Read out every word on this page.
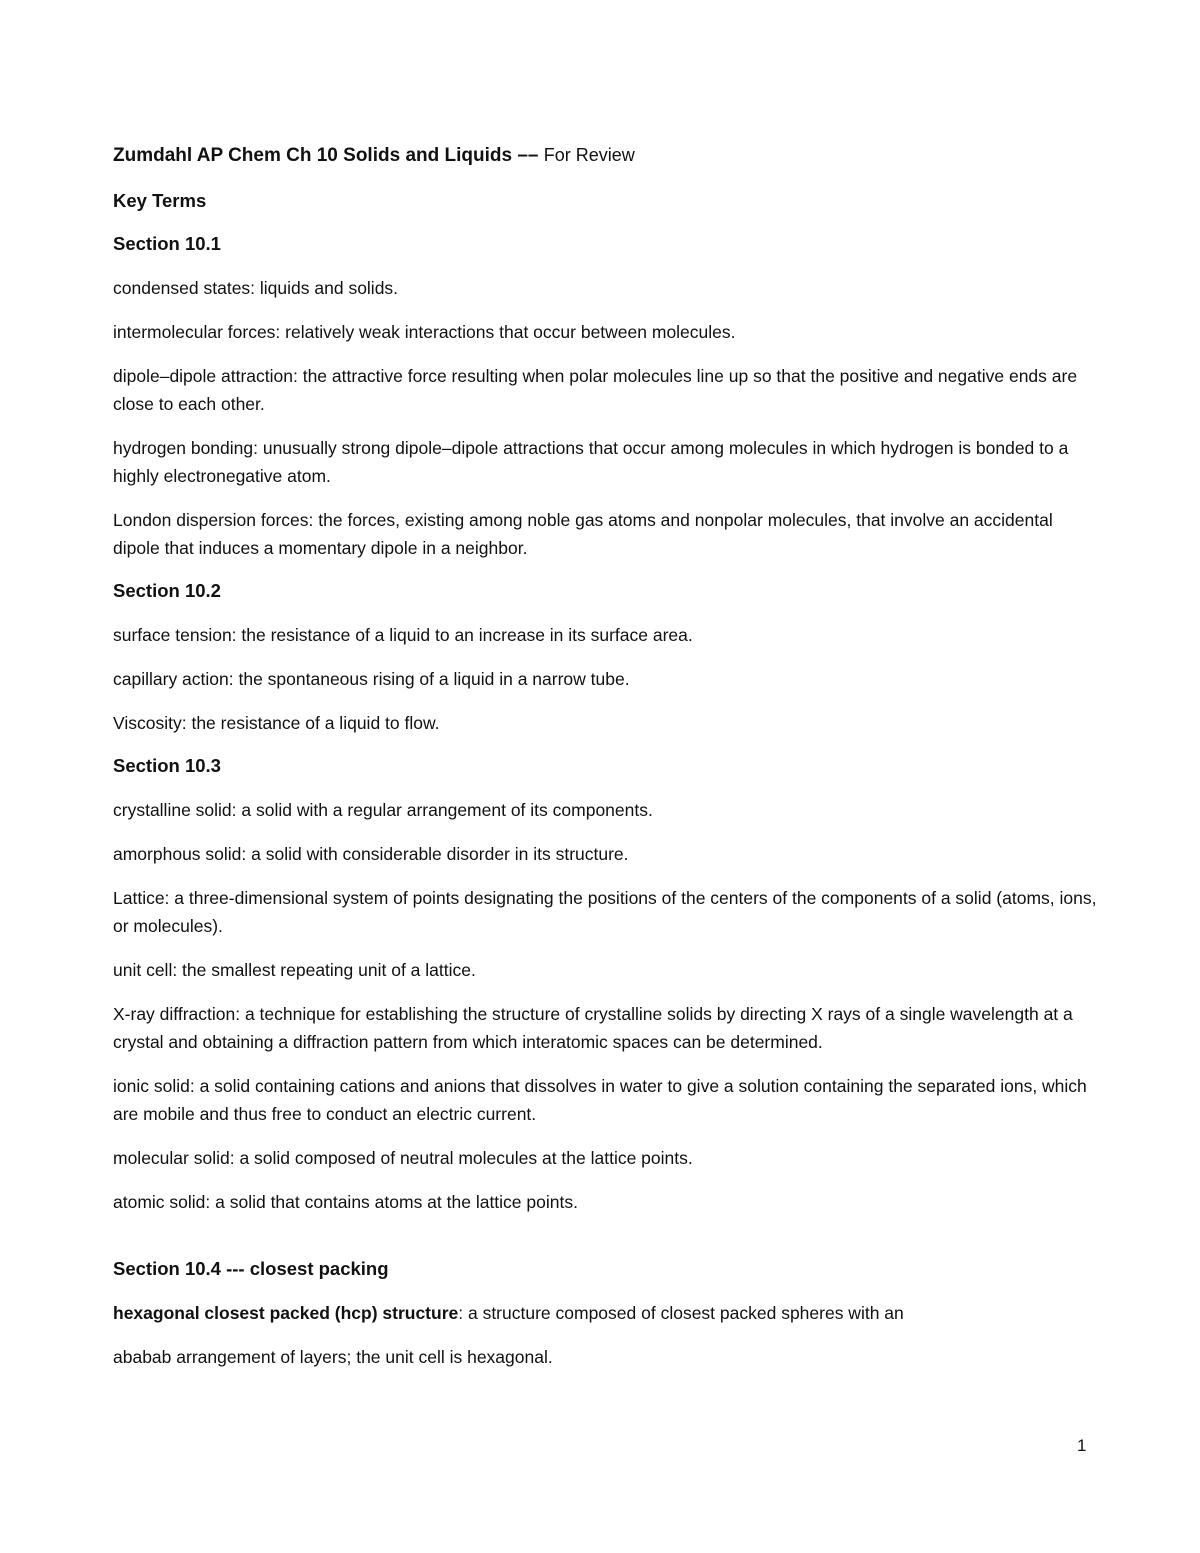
Zumdahl AP Chem Ch 10 Solids and Liquids –– For Review
Key Terms
Section 10.1
condensed states: liquids and solids.
intermolecular forces: relatively weak interactions that occur between molecules.
dipole–dipole attraction: the attractive force resulting when polar molecules line up so that the positive and negative ends are close to each other.
hydrogen bonding: unusually strong dipole–dipole attractions that occur among molecules in which hydrogen is bonded to a highly electronegative atom.
London dispersion forces: the forces, existing among noble gas atoms and nonpolar molecules, that involve an accidental dipole that induces a momentary dipole in a neighbor.
Section 10.2
surface tension: the resistance of a liquid to an increase in its surface area.
capillary action: the spontaneous rising of a liquid in a narrow tube.
Viscosity: the resistance of a liquid to flow.
Section 10.3
crystalline solid: a solid with a regular arrangement of its components.
amorphous solid: a solid with considerable disorder in its structure.
Lattice: a three-dimensional system of points designating the positions of the centers of the components of a solid (atoms, ions, or molecules).
unit cell: the smallest repeating unit of a lattice.
X-ray diffraction: a technique for establishing the structure of crystalline solids by directing X rays of a single wavelength at a crystal and obtaining a diffraction pattern from which interatomic spaces can be determined.
ionic solid: a solid containing cations and anions that dissolves in water to give a solution containing the separated ions, which are mobile and thus free to conduct an electric current.
molecular solid: a solid composed of neutral molecules at the lattice points.
atomic solid: a solid that contains atoms at the lattice points.
Section 10.4 --- closest packing
hexagonal closest packed (hcp) structure: a structure composed of closest packed spheres with an
ababab arrangement of layers; the unit cell is hexagonal.
1
